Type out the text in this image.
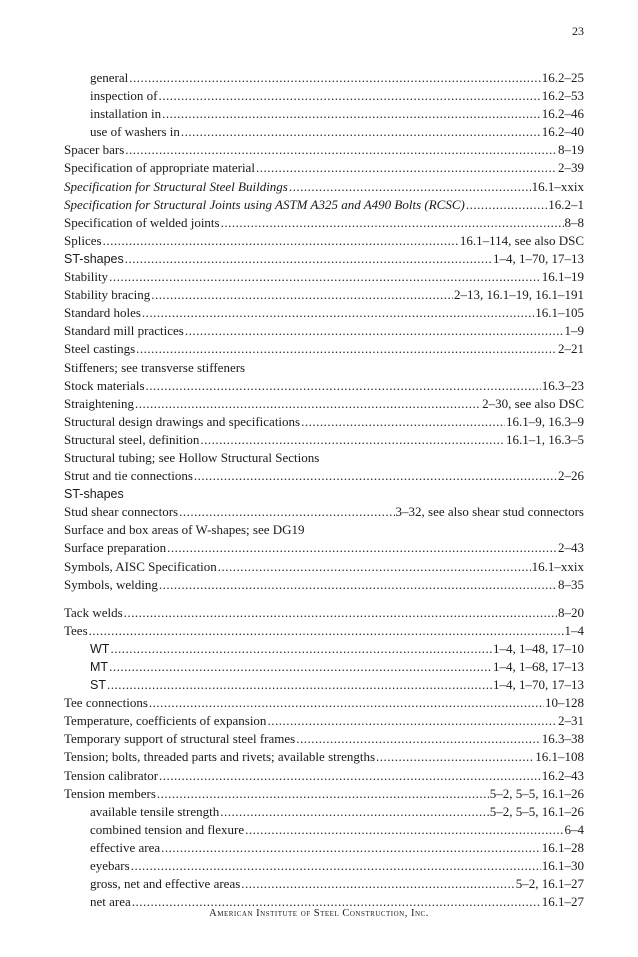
23
general .....	16.2–25
inspection of .....	16.2–53
installation in .....	16.2–46
use of washers in .....	16.2–40
Spacer bars .....	8–19
Specification of appropriate material .....	2–39
Specification for Structural Steel Buildings .....	16.1–xxix
Specification for Structural Joints using ASTM A325 and A490 Bolts (RCSC) .....	16.2–1
Specification of welded joints .....	8–8
Splices .....	16.1–114, see also DSC
ST-shapes .....	1–4, 1–70, 17–13
Stability .....	16.1–19
Stability bracing .....	2–13, 16.1–19, 16.1–191
Standard holes .....	16.1–105
Standard mill practices .....	1–9
Steel castings .....	2–21
Stiffeners; see transverse stiffeners
Stock materials .....	16.3–23
Straightening .....	2–30, see also DSC
Structural design drawings and specifications .....	16.1–9, 16.3–9
Structural steel, definition .....	16.1–1, 16.3–5
Structural tubing; see Hollow Structural Sections
Strut and tie connections .....	2–26
ST-shapes
Stud shear connectors .....	3–32, see also shear stud connectors
Surface and box areas of W-shapes; see DG19
Surface preparation .....	2–43
Symbols, AISC Specification .....	16.1–xxix
Symbols, welding .....	8–35
Tack welds .....	8–20
Tees .....	1–4
WT .....	1–4, 1–48, 17–10
MT .....	1–4, 1–68, 17–13
ST .....	1–4, 1–70, 17–13
Tee connections .....	10–128
Temperature, coefficients of expansion .....	2–31
Temporary support of structural steel frames .....	16.3–38
Tension; bolts, threaded parts and rivets; available strengths .....	16.1–108
Tension calibrator .....	16.2–43
Tension members .....	5–2, 5–5, 16.1–26
available tensile strength .....	5–2, 5–5, 16.1–26
combined tension and flexure .....	6–4
effective area .....	16.1–28
eyebars .....	16.1–30
gross, net and effective areas .....	5–2, 16.1–27
net area .....	16.1–27
American Institute of Steel Construction, Inc.
